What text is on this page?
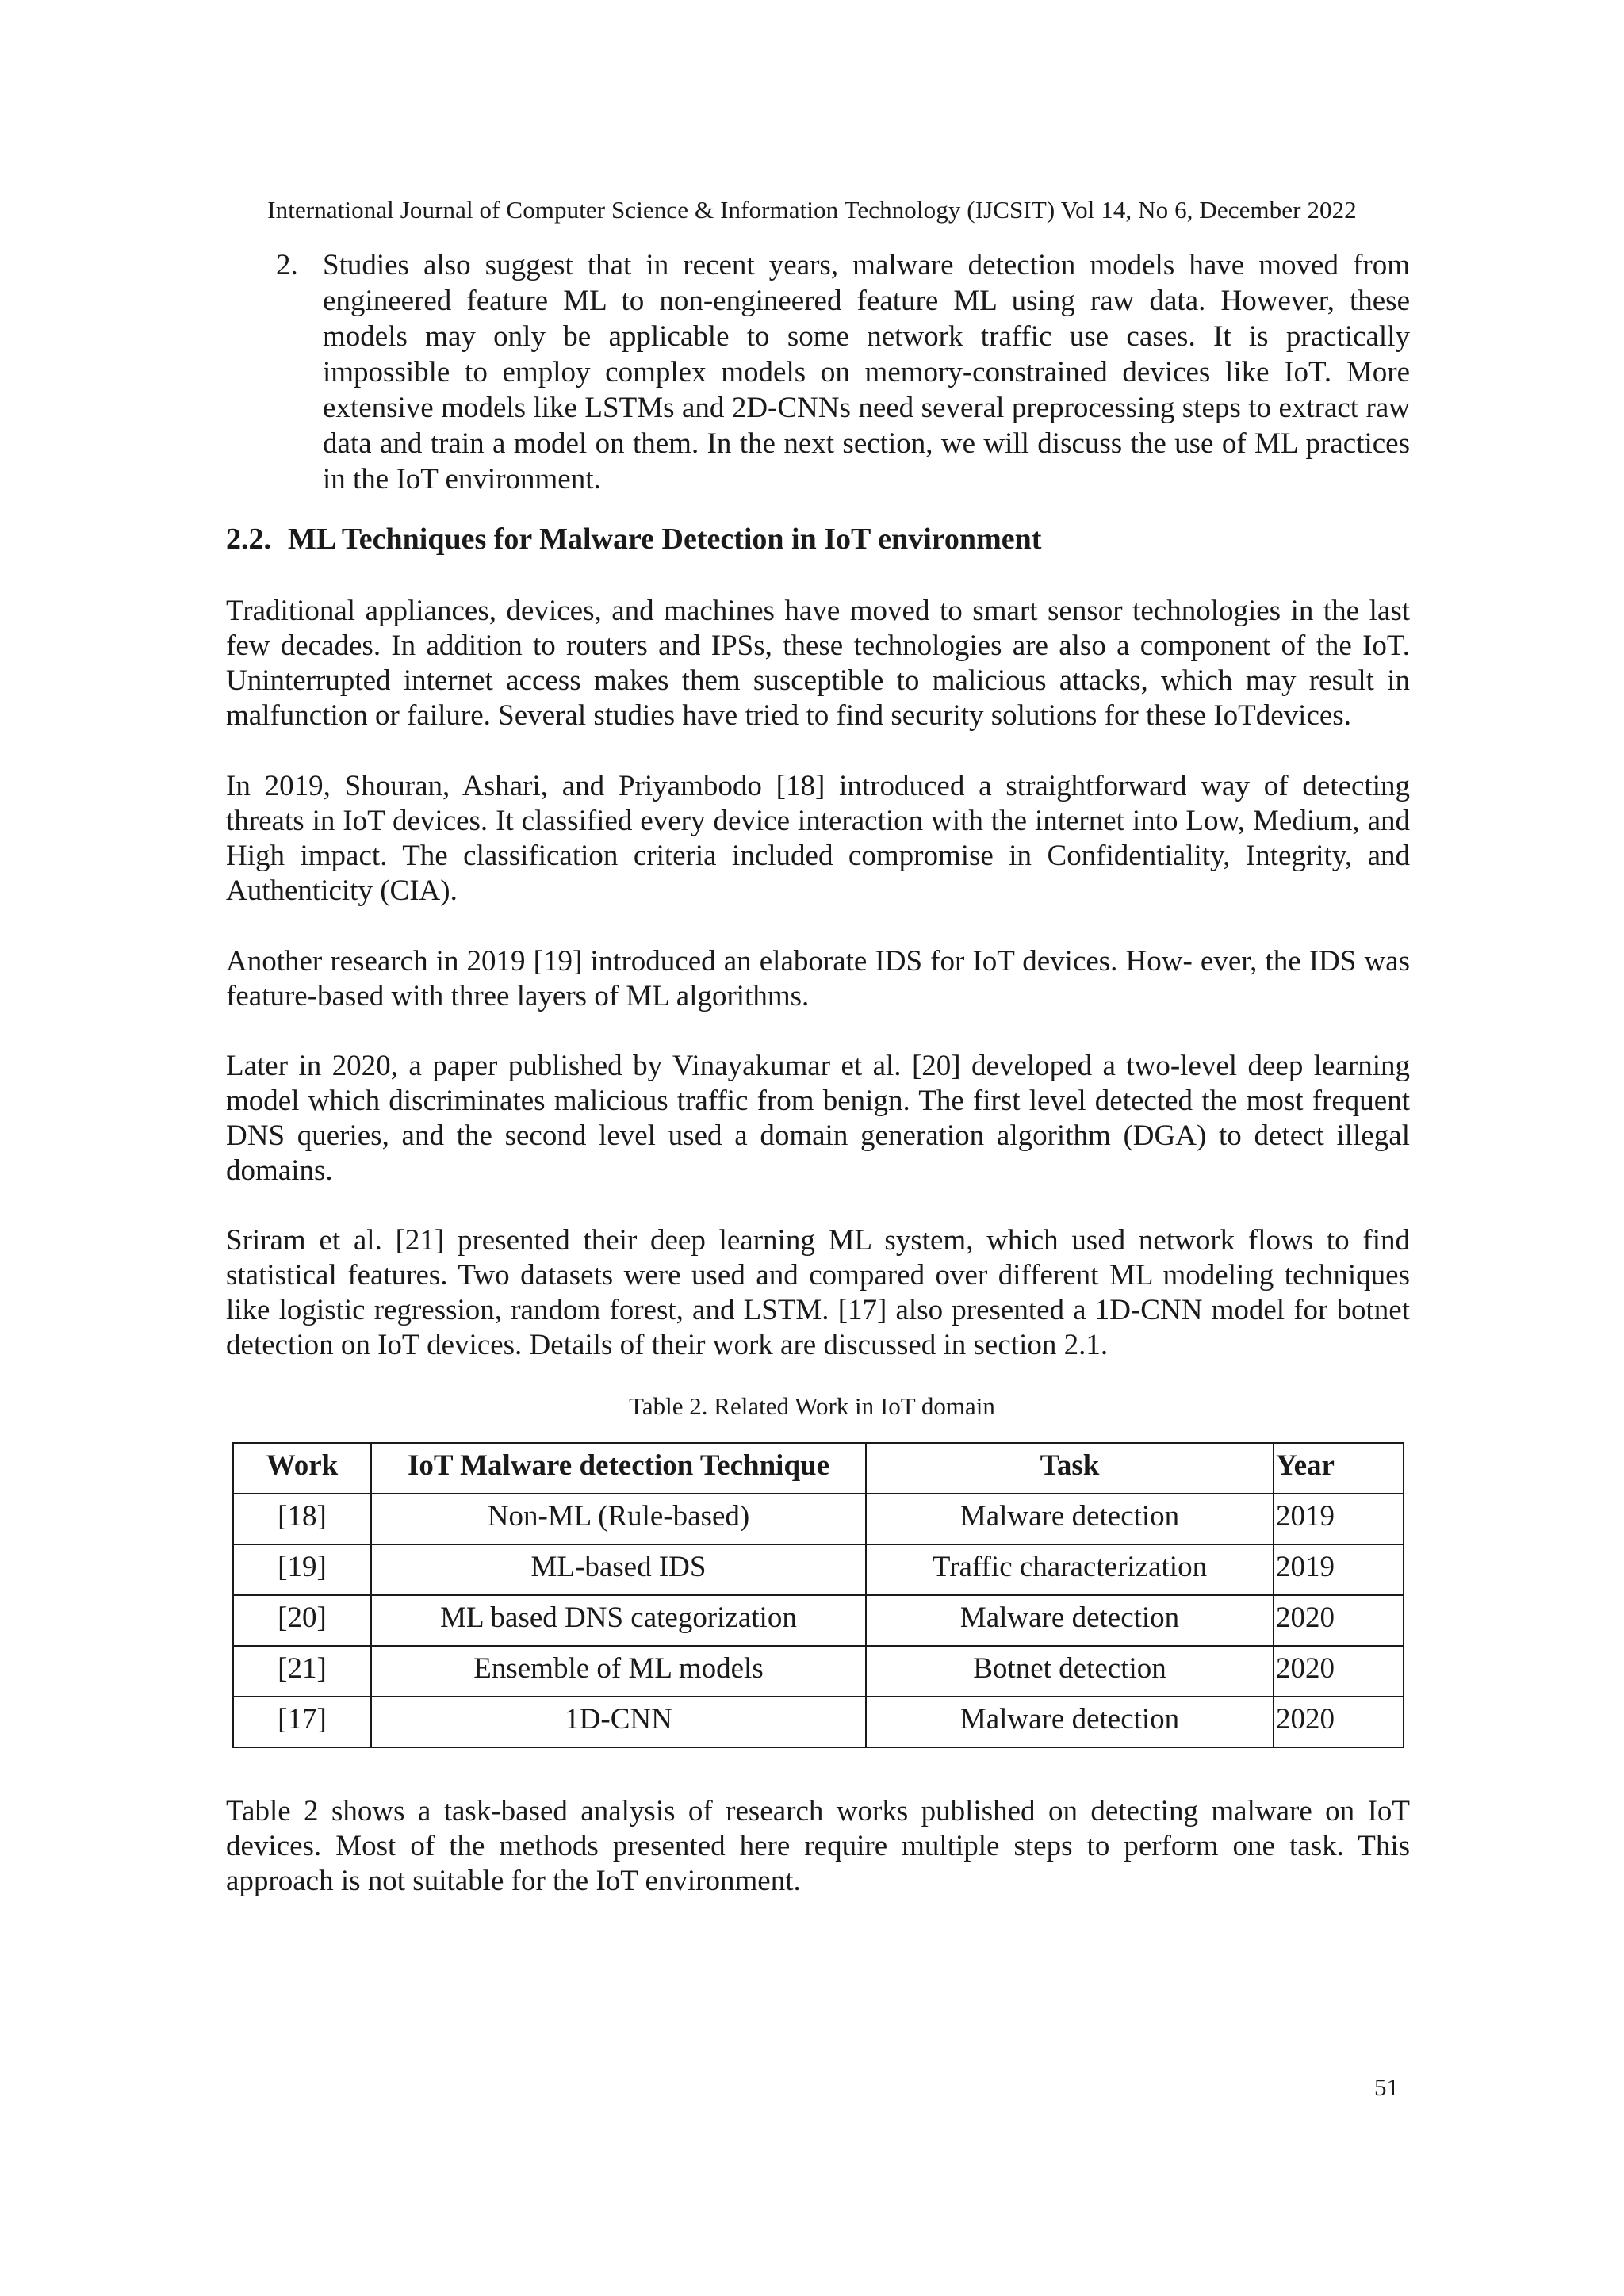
International Journal of Computer Science & Information Technology (IJCSIT) Vol 14, No 6, December 2022
2. Studies also suggest that in recent years, malware detection models have moved from engineered feature ML to non-engineered feature ML using raw data. However, these models may only be applicable to some network traffic use cases. It is practically impossible to employ complex models on memory-constrained devices like IoT. More extensive models like LSTMs and 2D-CNNs need several preprocessing steps to extract raw data and train a model on them. In the next section, we will discuss the use of ML practices in the IoT environment.
2.2. ML Techniques for Malware Detection in IoT environment
Traditional appliances, devices, and machines have moved to smart sensor technologies in the last few decades. In addition to routers and IPSs, these technologies are also a component of the IoT. Uninterrupted internet access makes them susceptible to malicious attacks, which may result in malfunction or failure. Several studies have tried to find security solutions for these IoTdevices.
In 2019, Shouran, Ashari, and Priyambodo [18] introduced a straightforward way of detecting threats in IoT devices. It classified every device interaction with the internet into Low, Medium, and High impact. The classification criteria included compromise in Confidentiality, Integrity, and Authenticity (CIA).
Another research in 2019 [19] introduced an elaborate IDS for IoT devices. How- ever, the IDS was feature-based with three layers of ML algorithms.
Later in 2020, a paper published by Vinayakumar et al. [20] developed a two-level deep learning model which discriminates malicious traffic from benign. The first level detected the most frequent DNS queries, and the second level used a domain generation algorithm (DGA) to detect illegal domains.
Sriram et al. [21] presented their deep learning ML system, which used network flows to find statistical features. Two datasets were used and compared over different ML modeling techniques like logistic regression, random forest, and LSTM. [17] also presented a 1D-CNN model for botnet detection on IoT devices. Details of their work are discussed in section 2.1.
Table 2. Related Work in IoT domain
Work	IoT Malware detection Technique	Task	Year
[18]	Non-ML (Rule-based)	Malware detection	2019
[19]	ML-based IDS	Traffic characterization	2019
[20]	ML based DNS categorization	Malware detection	2020
[21]	Ensemble of ML models	Botnet detection	2020
[17]	1D-CNN	Malware detection	2020
Table 2 shows a task-based analysis of research works published on detecting malware on IoT devices. Most of the methods presented here require multiple steps to perform one task. This approach is not suitable for the IoT environment.
51
